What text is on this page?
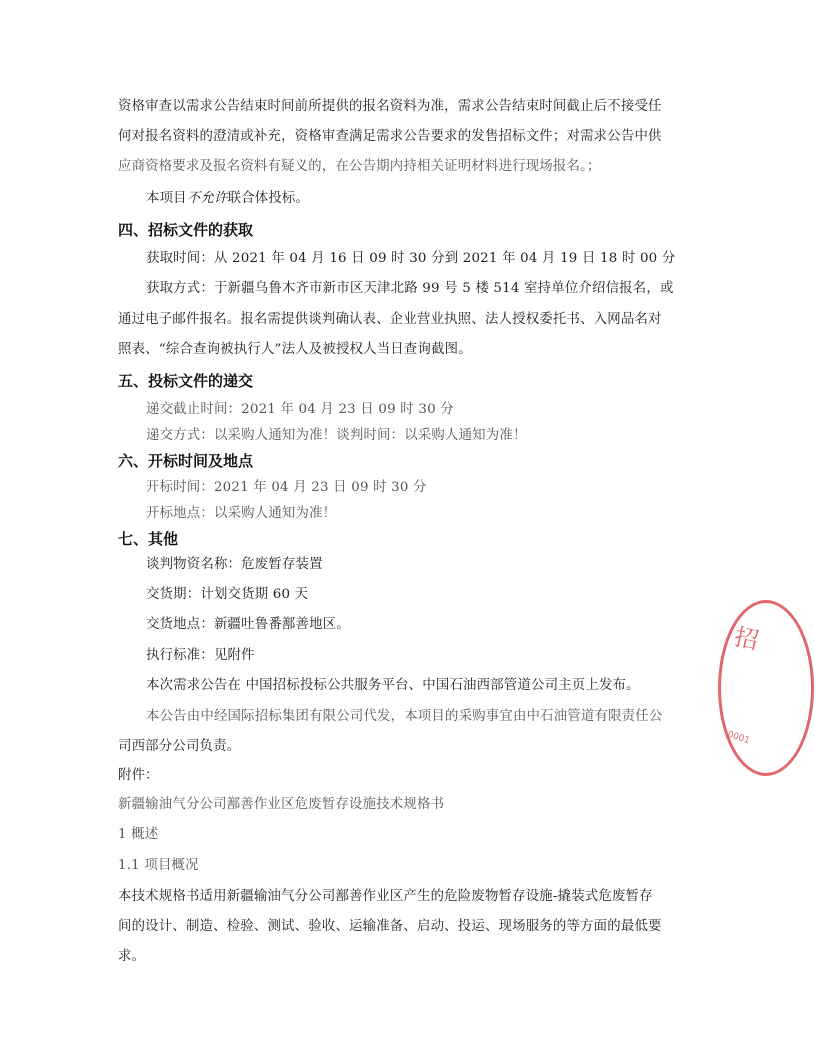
资格审查以需求公告结束时间前所提供的报名资料为准，需求公告结束时间截止后不接受任
何对报名资料的澄清或补充，资格审查满足需求公告要求的发售招标文件；对需求公告中供
应商资格要求及报名资料有疑义的，在公告期内持相关证明材料进行现场报名。；
本项目不允许联合体投标。
四、招标文件的获取
获取时间：从 2021 年 04 月 16 日 09 时 30 分到 2021 年 04 月 19 日 18 时 00 分
获取方式：于新疆乌鲁木齐市新市区天津北路 99 号 5 楼 514 室持单位介绍信报名，或
通过电子邮件报名。报名需提供谈判确认表、企业营业执照、法人授权委托书、入网品名对
照表、“综合查询被执行人”法人及被授权人当日查询截图。
五、投标文件的递交
递交截止时间：2021 年 04 月 23 日 09 时 30 分
递交方式：以采购人通知为准！谈判时间：以采购人通知为准！
六、开标时间及地点
开标时间：2021 年 04 月 23 日 09 时 30 分
开标地点：以采购人通知为准！
七、其他
谈判物资名称：危废暂存装置
交货期：计划交货期 60 天
交货地点：新疆吐鲁番鄯善地区。
执行标准：见附件
本次需求公告在 中国招标投标公共服务平台、中国石油西部管道公司主页上发布。
本公告由中经国际招标集团有限公司代发，本项目的采购事宜由中石油管道有限责任公
司西部分公司负责。
附件：
新疆输油气分公司鄯善作业区危废暂存设施技术规格书
1 概述
1.1 项目概况
本技术规格书适用新疆输油气分公司鄯善作业区产生的危险废物暂存设施-撬装式危废暂存
间的设计、制造、检验、测试、验收、运输准备、启动、投运、现场服务的等方面的最低要
求。
招
0001
